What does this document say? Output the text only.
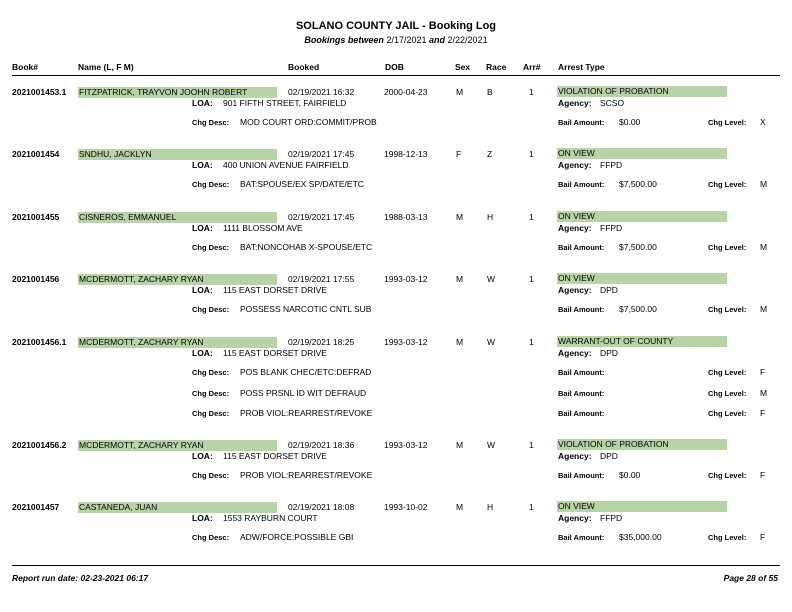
SOLANO COUNTY JAIL - Booking Log
Bookings between 2/17/2021 and 2/22/2021
Book#	Name (L, F M)	Booked	DOB	Sex Race Arr# Arrest Type
2021001453.1 FITZPATRICK, TRAYVON JOOHN ROBERT	02/19/2021 16:32	2000-04-23	M	B	1	VIOLATION OF PROBATION
LOA: 901 FIFTH STREET, FAIRFIELD	Agency: SCSO
Chg Desc: MOD COURT ORD:COMMIT/PROB	Bail Amount: $0.00	Chg Level: X
2021001454 SNDHU, JACKLYN	02/19/2021 17:45	1998-12-13	F	Z	1	ON VIEW
LOA: 400 UNION AVENUE FAIRFIELD	Agency: FFPD
Chg Desc: BAT:SPOUSE/EX SP/DATE/ETC	Bail Amount: $7,500.00	Chg Level: M
2021001455 CISNEROS, EMMANUEL	02/19/2021 17:45	1988-03-13	M	H	1	ON VIEW
LOA: 1111 BLOSSOM AVE	Agency: FFPD
Chg Desc: BAT:NONCOHAB X-SPOUSE/ETC	Bail Amount: $7,500.00	Chg Level: M
2021001456 MCDERMOTT, ZACHARY RYAN	02/19/2021 17:55	1993-03-12	M	W	1	ON VIEW
LOA: 115 EAST DORSET DRIVE	Agency: DPD
Chg Desc: POSSESS NARCOTIC CNTL SUB	Bail Amount: $7,500.00	Chg Level: M
2021001456.1 MCDERMOTT, ZACHARY RYAN	02/19/2021 18:25	1993-03-12	M	W	1	WARRANT-OUT OF COUNTY
LOA: 115 EAST DORSET DRIVE	Agency: DPD
Chg Desc: POS BLANK CHEC/ETC:DEFRAD	Bail Amount:	Chg Level: F
Chg Desc: POSS PRSNL ID WIT DEFRAUD	Bail Amount:	Chg Level: M
Chg Desc: PROB VIOL:REARREST/REVOKE	Bail Amount:	Chg Level: F
2021001456.2 MCDERMOTT, ZACHARY RYAN	02/19/2021 18:36	1993-03-12	M	W	1	VIOLATION OF PROBATION
LOA: 115 EAST DORSET DRIVE	Agency: DPD
Chg Desc: PROB VIOL:REARREST/REVOKE	Bail Amount: $0.00	Chg Level: F
2021001457 CASTANEDA, JUAN	02/19/2021 18:08	1993-10-02	M	H	1	ON VIEW
LOA: 1553 RAYBURN COURT	Agency: FFPD
Chg Desc: ADW/FORCE:POSSIBLE GBI	Bail Amount: $35,000.00	Chg Level: F
Report run date: 02-23-2021 06:17	Page 28 of 55
